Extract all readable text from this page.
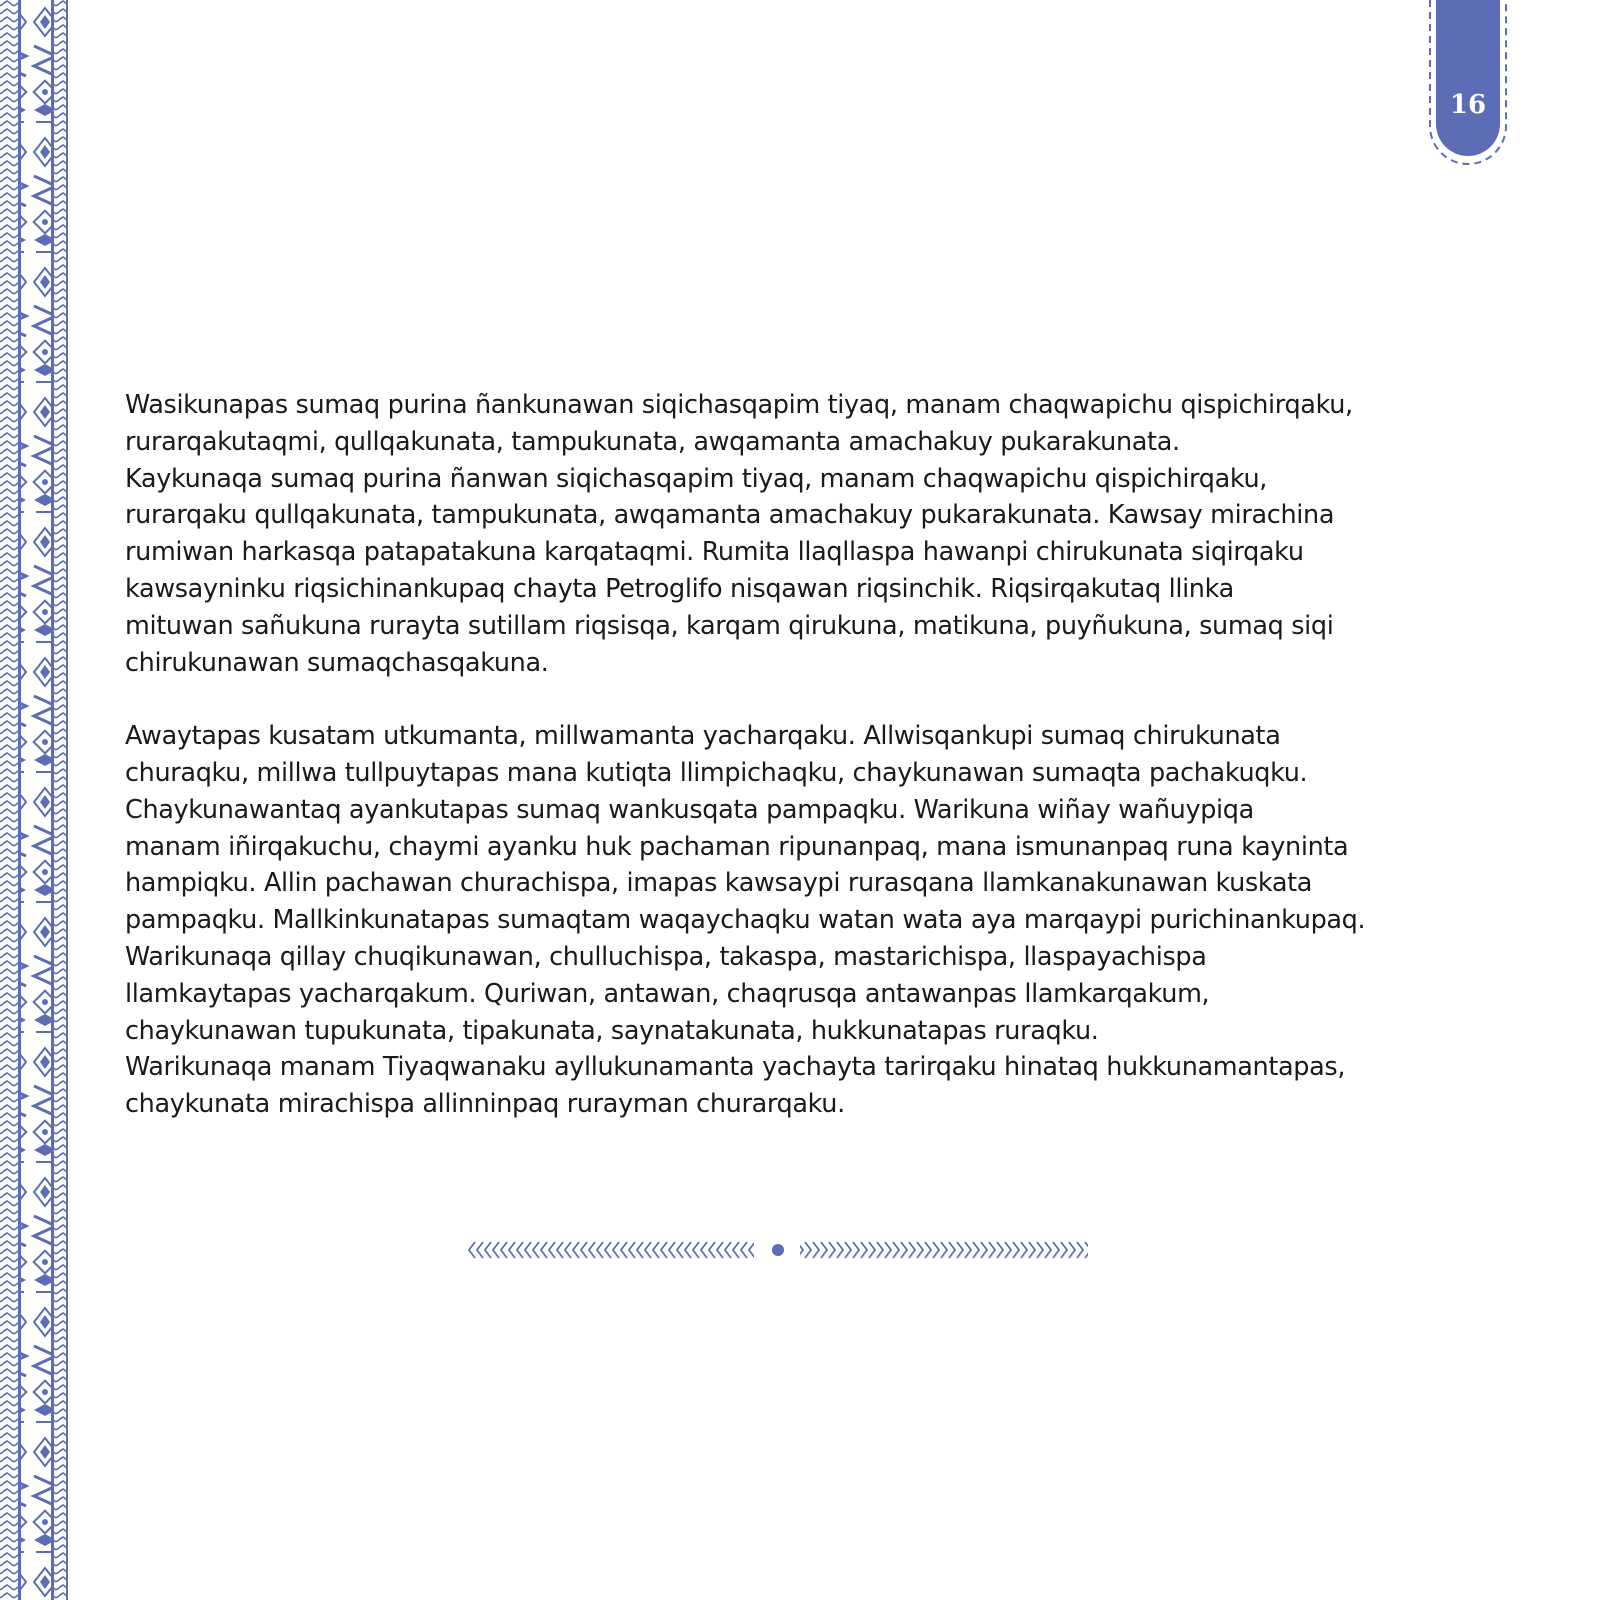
16

Wasikunapas sumaq purina ñankunawan siqichasqapim tiyaq, manam chaqwapichu qispichirqaku,
rurarqakutaqmi, qullqakunata, tampukunata, awqamanta amachakuy pukarakunata.
Kaykunaqa sumaq purina ñanwan siqichasqapim tiyaq, manam chaqwapichu qispichirqaku,
rurarqaku qullqakunata, tampukunata, awqamanta amachakuy pukarakunata. Kawsay mirachina
rumiwan harkasqa patapatakuna karqataqmi. Rumita llaqllaspa hawanpi chirukunata siqirqaku
kawsayninku riqsichinankupaq chayta Petroglifo nisqawan riqsinchik. Riqsirqakutaq llinka
mituwan sañukuna rurayta sutillam riqsisqa, karqam qirukuna, matikuna, puyñukuna, sumaq siqi
chirukunawan sumaqchasqakuna.

Awaytapas kusatam utkumanta, millwamanta yacharqaku. Allwisqankupi sumaq chirukunata
churaqku, millwa tullpuytapas mana kutiqta llimpichaqku, chaykunawan sumaqta pachakuqku.
Chaykunawantaq ayankutapas sumaq wankusqata pampaqku. Warikuna wiñay wañuypiqa
manam iñirqakuchu, chaymi ayanku huk pachaman ripunanpaq, mana ismunanpaq runa kayninta
hampiqku. Allin pachawan churachispa, imapas kawsaypi rurasqana llamkanakunawan kuskata
pampaqku. Mallkinkunatapas sumaqtam waqaychaqku watan wata aya marqaypi purichinankupaq.
Warikunaqa qillay chuqikunawan, chulluchispa, takaspa, mastarichispa, llaspayachispa
llamkaytapas yacharqakum. Quriwan, antawan, chaqrusqa antawanpas llamkarqakum,
chaykunawan tupukunata, tipakunata, saynatakunata, hukkunatapas ruraqku.
Warikunaqa manam Tiyaqwanaku ayllukunamanta yachayta tarirqaku hinataq hukkunamantapas,
chaykunata mirachispa allinninpaq rurayman churarqaku.
